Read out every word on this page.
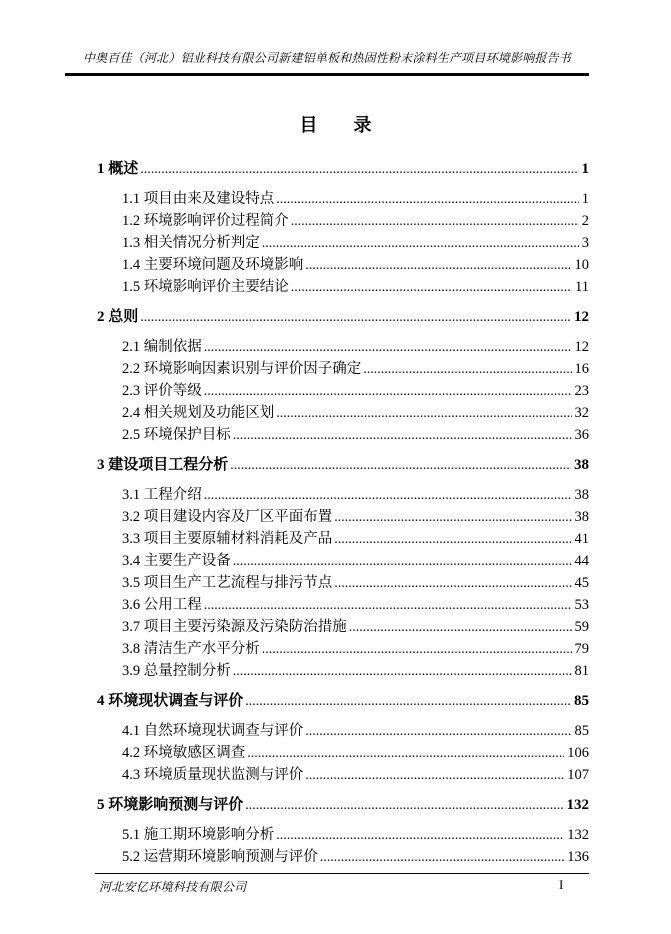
中奥百佳（河北）铝业科技有限公司新建铝单板和热固性粉末涂料生产项目环境影响报告书
目　　录
1 概述 .....	1
1.1 项目由来及建设特点 .....	1
1.2 环境影响评价过程简介 .....	2
1.3 相关情况分析判定 .....	3
1.4 主要环境问题及环境影响 .....	10
1.5 环境影响评价主要结论 .....	11
2 总则 .....	12
2.1 编制依据 .....	12
2.2 环境影响因素识别与评价因子确定 .....	16
2.3 评价等级 .....	23
2.4 相关规划及功能区划 .....	32
2.5 环境保护目标 .....	36
3 建设项目工程分析 .....	38
3.1 工程介绍 .....	38
3.2 项目建设内容及厂区平面布置 .....	38
3.3 项目主要原辅材料消耗及产品 .....	41
3.4 主要生产设备 .....	44
3.5 项目生产工艺流程与排污节点 .....	45
3.6 公用工程 .....	53
3.7 项目主要污染源及污染防治措施 .....	59
3.8 清洁生产水平分析 .....	79
3.9 总量控制分析 .....	81
4 环境现状调查与评价 .....	85
4.1 自然环境现状调查与评价 .....	85
4.2 环境敏感区调查 .....	106
4.3 环境质量现状监测与评价 .....	107
5 环境影响预测与评价 .....	132
5.1 施工期环境影响分析 .....	132
5.2 运营期环境影响预测与评价 .....	136
河北安亿环境科技有限公司	I
